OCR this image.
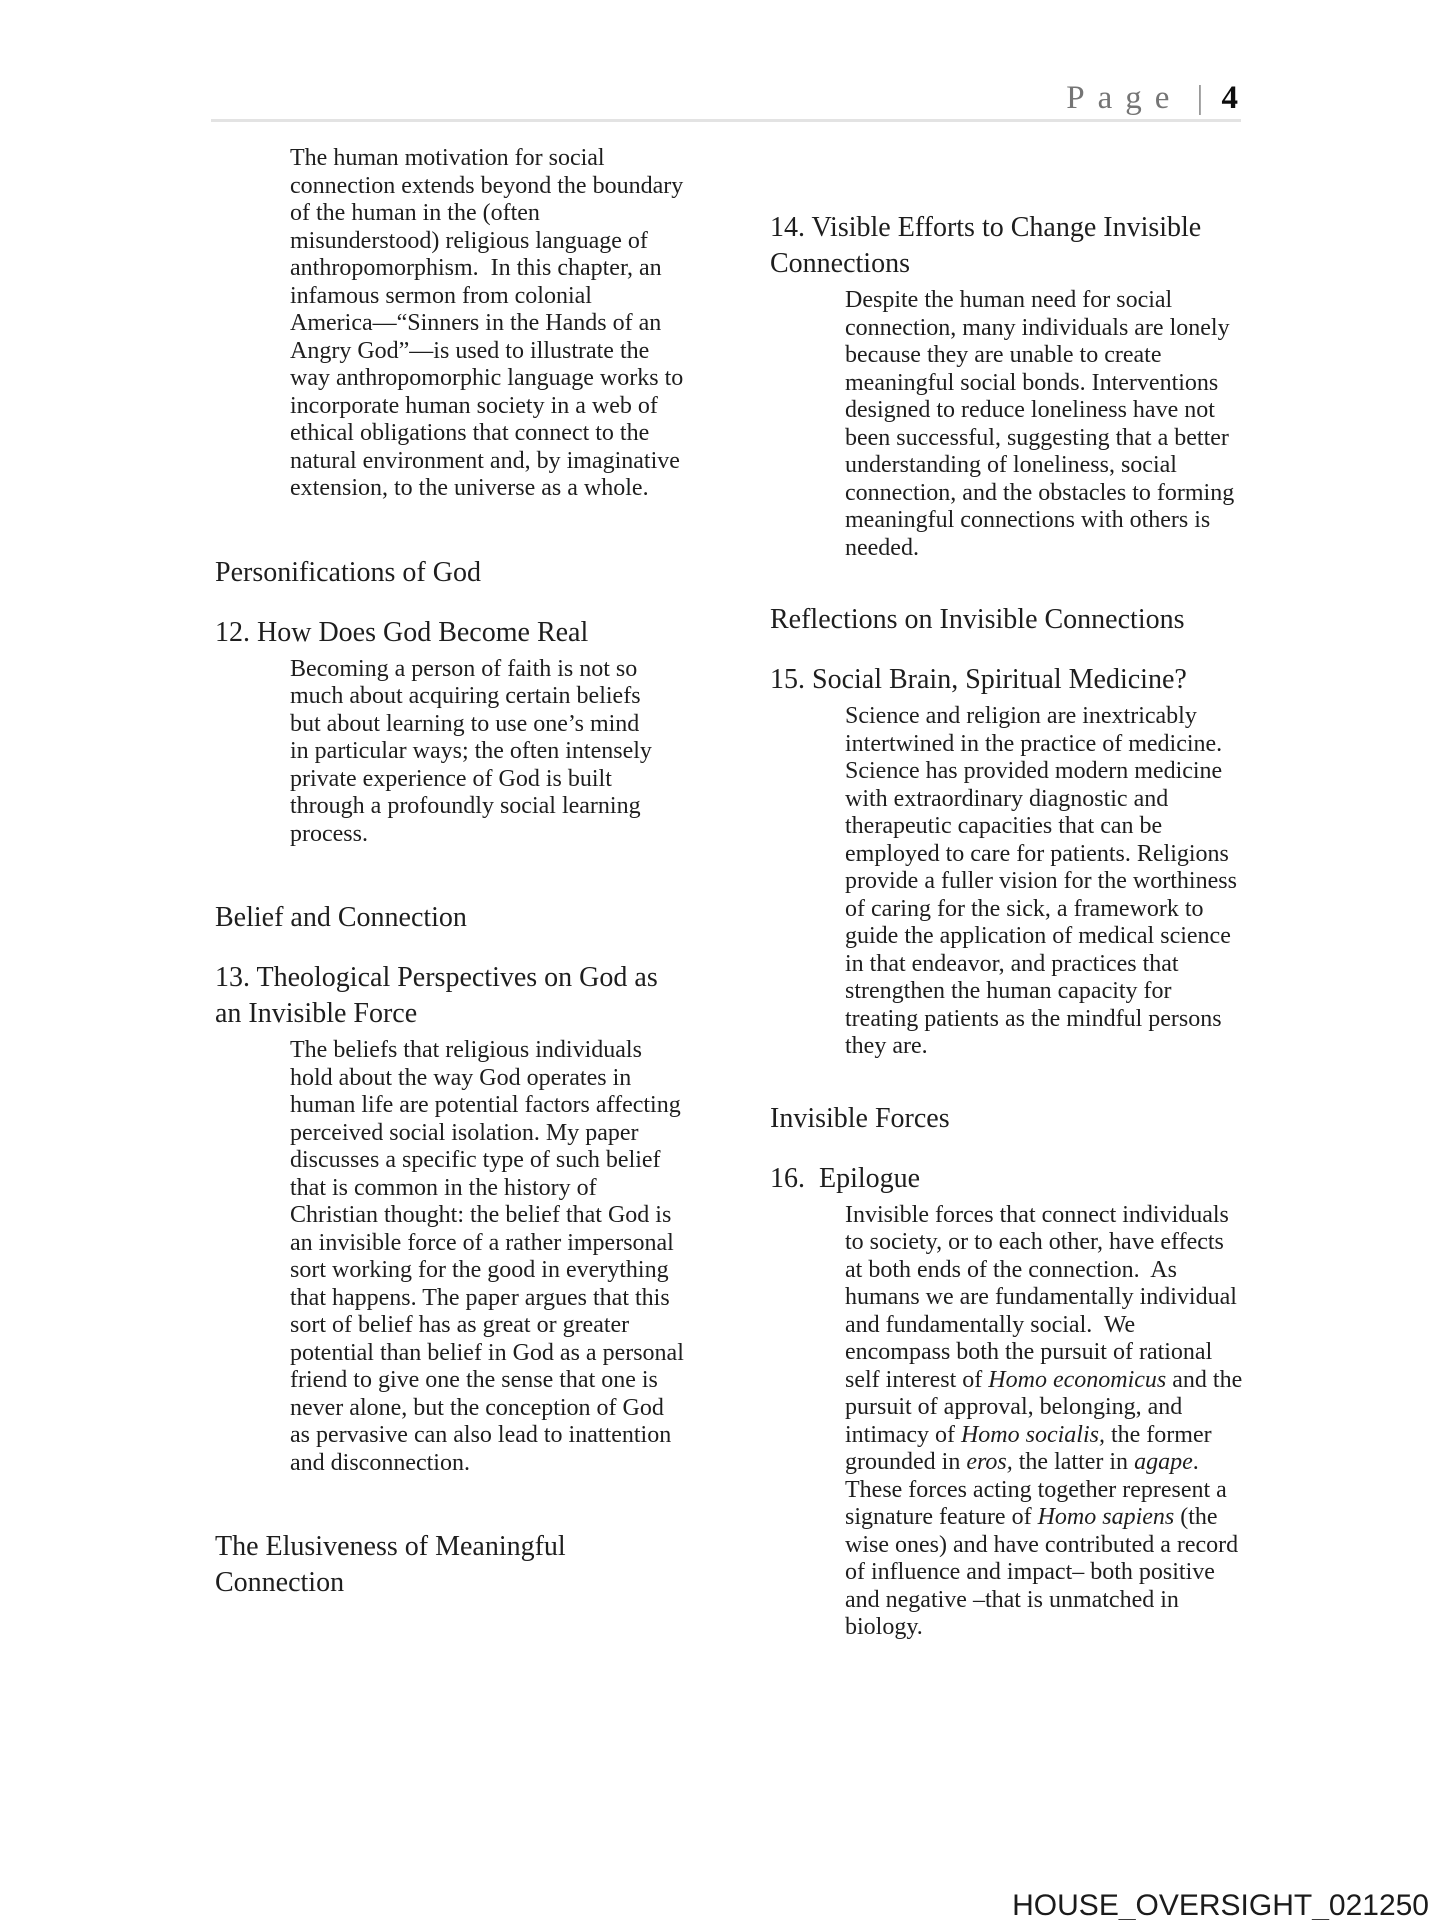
Page | 4

The human motivation for social
connection extends beyond the boundary
of the human in the (often
misunderstood) religious language of
anthropomorphism.  In this chapter, an
infamous sermon from colonial
America—“Sinners in the Hands of an
Angry God”—is used to illustrate the
way anthropomorphic language works to
incorporate human society in a web of
ethical obligations that connect to the
natural environment and, by imaginative
extension, to the universe as a whole.

Personifications of God
12. How Does God Become Real

Becoming a person of faith is not so
much about acquiring certain beliefs
but about learning to use one’s mind
in particular ways; the often intensely
private experience of God is built
through a profoundly social learning
process.

Belief and Connection
13. Theological Perspectives on God as
an Invisible Force

The beliefs that religious individuals
hold about the way God operates in
human life are potential factors affecting
perceived social isolation. My paper
discusses a specific type of such belief
that is common in the history of
Christian thought: the belief that God is
an invisible force of a rather impersonal
sort working for the good in everything
that happens. The paper argues that this
sort of belief has as great or greater
potential than belief in God as a personal
friend to give one the sense that one is
never alone, but the conception of God
as pervasive can also lead to inattention
and disconnection.

The Elusiveness of Meaningful
Connection
14. Visible Efforts to Change Invisible
Connections

Despite the human need for social
connection, many individuals are lonely
because they are unable to create
meaningful social bonds. Interventions
designed to reduce loneliness have not
been successful, suggesting that a better
understanding of loneliness, social
connection, and the obstacles to forming
meaningful connections with others is
needed.

Reflections on Invisible Connections
15. Social Brain, Spiritual Medicine?

Science and religion are inextricably
intertwined in the practice of medicine.
Science has provided modern medicine
with extraordinary diagnostic and
therapeutic capacities that can be
employed to care for patients. Religions
provide a fuller vision for the worthiness
of caring for the sick, a framework to
guide the application of medical science
in that endeavor, and practices that
strengthen the human capacity for
treating patients as the mindful persons
they are.

Invisible Forces
16.  Epilogue

Invisible forces that connect individuals
to society, or to each other, have effects
at both ends of the connection.  As
humans we are fundamentally individual
and fundamentally social.  We
encompass both the pursuit of rational
self interest of Homo economicus and the
pursuit of approval, belonging, and
intimacy of Homo socialis, the former
grounded in eros, the latter in agape.
These forces acting together represent a
signature feature of Homo sapiens (the
wise ones) and have contributed a record
of influence and impact– both positive
and negative –that is unmatched in
biology.

HOUSE_OVERSIGHT_021250
